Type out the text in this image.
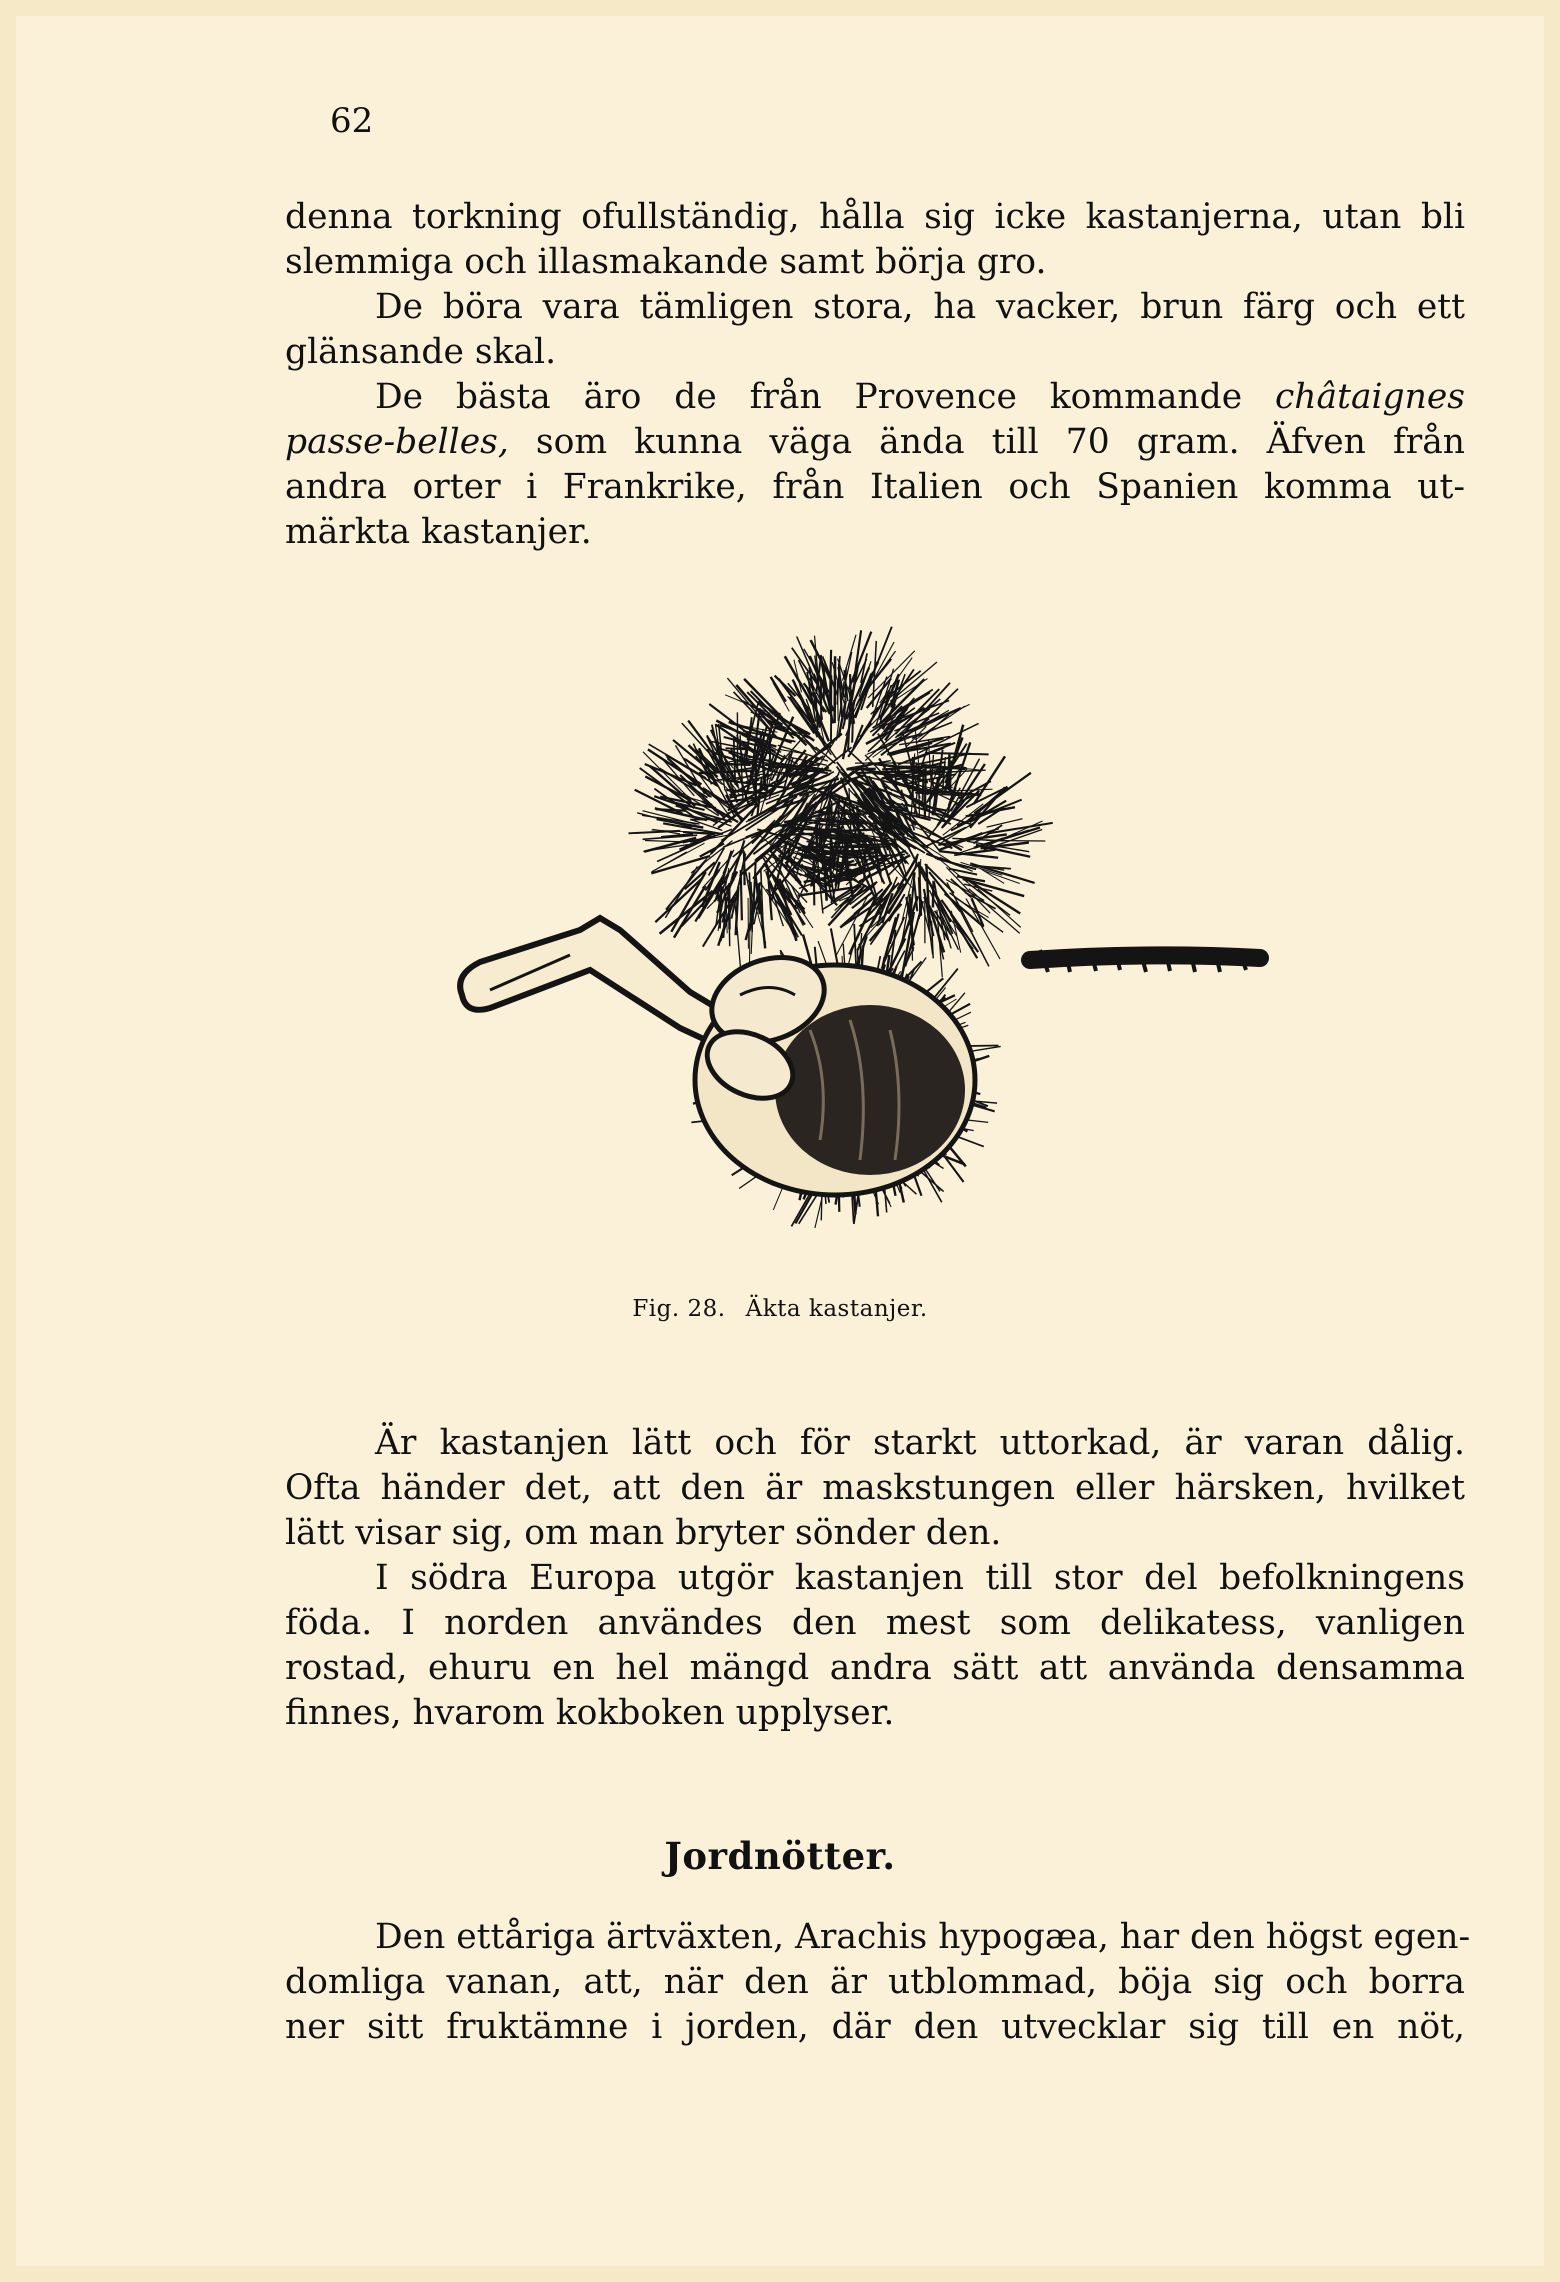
62
denna torkning ofullständig, hålla sig icke kastanjerna, utan bli
slemmiga och illasmakande samt börja gro.
De böra vara tämligen stora, ha vacker, brun färg och ett
glänsande skal.
De bästa äro de från Provence kommande châtaignes
passe-belles, som kunna väga ända till 70 gram. Äfven från
andra orter i Frankrike, från Italien och Spanien komma ut-
märkta kastanjer.
Fig. 28. Äkta kastanjer.
Är kastanjen lätt och för starkt uttorkad, är varan dålig.
Ofta händer det, att den är maskstungen eller härsken, hvilket
lätt visar sig, om man bryter sönder den.
I södra Europa utgör kastanjen till stor del befolkningens
föda. I norden användes den mest som delikatess, vanligen
rostad, ehuru en hel mängd andra sätt att använda densamma
finnes, hvarom kokboken upplyser.
Jordnötter.
Den ettåriga ärtväxten, Arachis hypogæa, har den högst egen-
domliga vanan, att, när den är utblommad, böja sig och borra
ner sitt fruktämne i jorden, där den utvecklar sig till en nöt,
